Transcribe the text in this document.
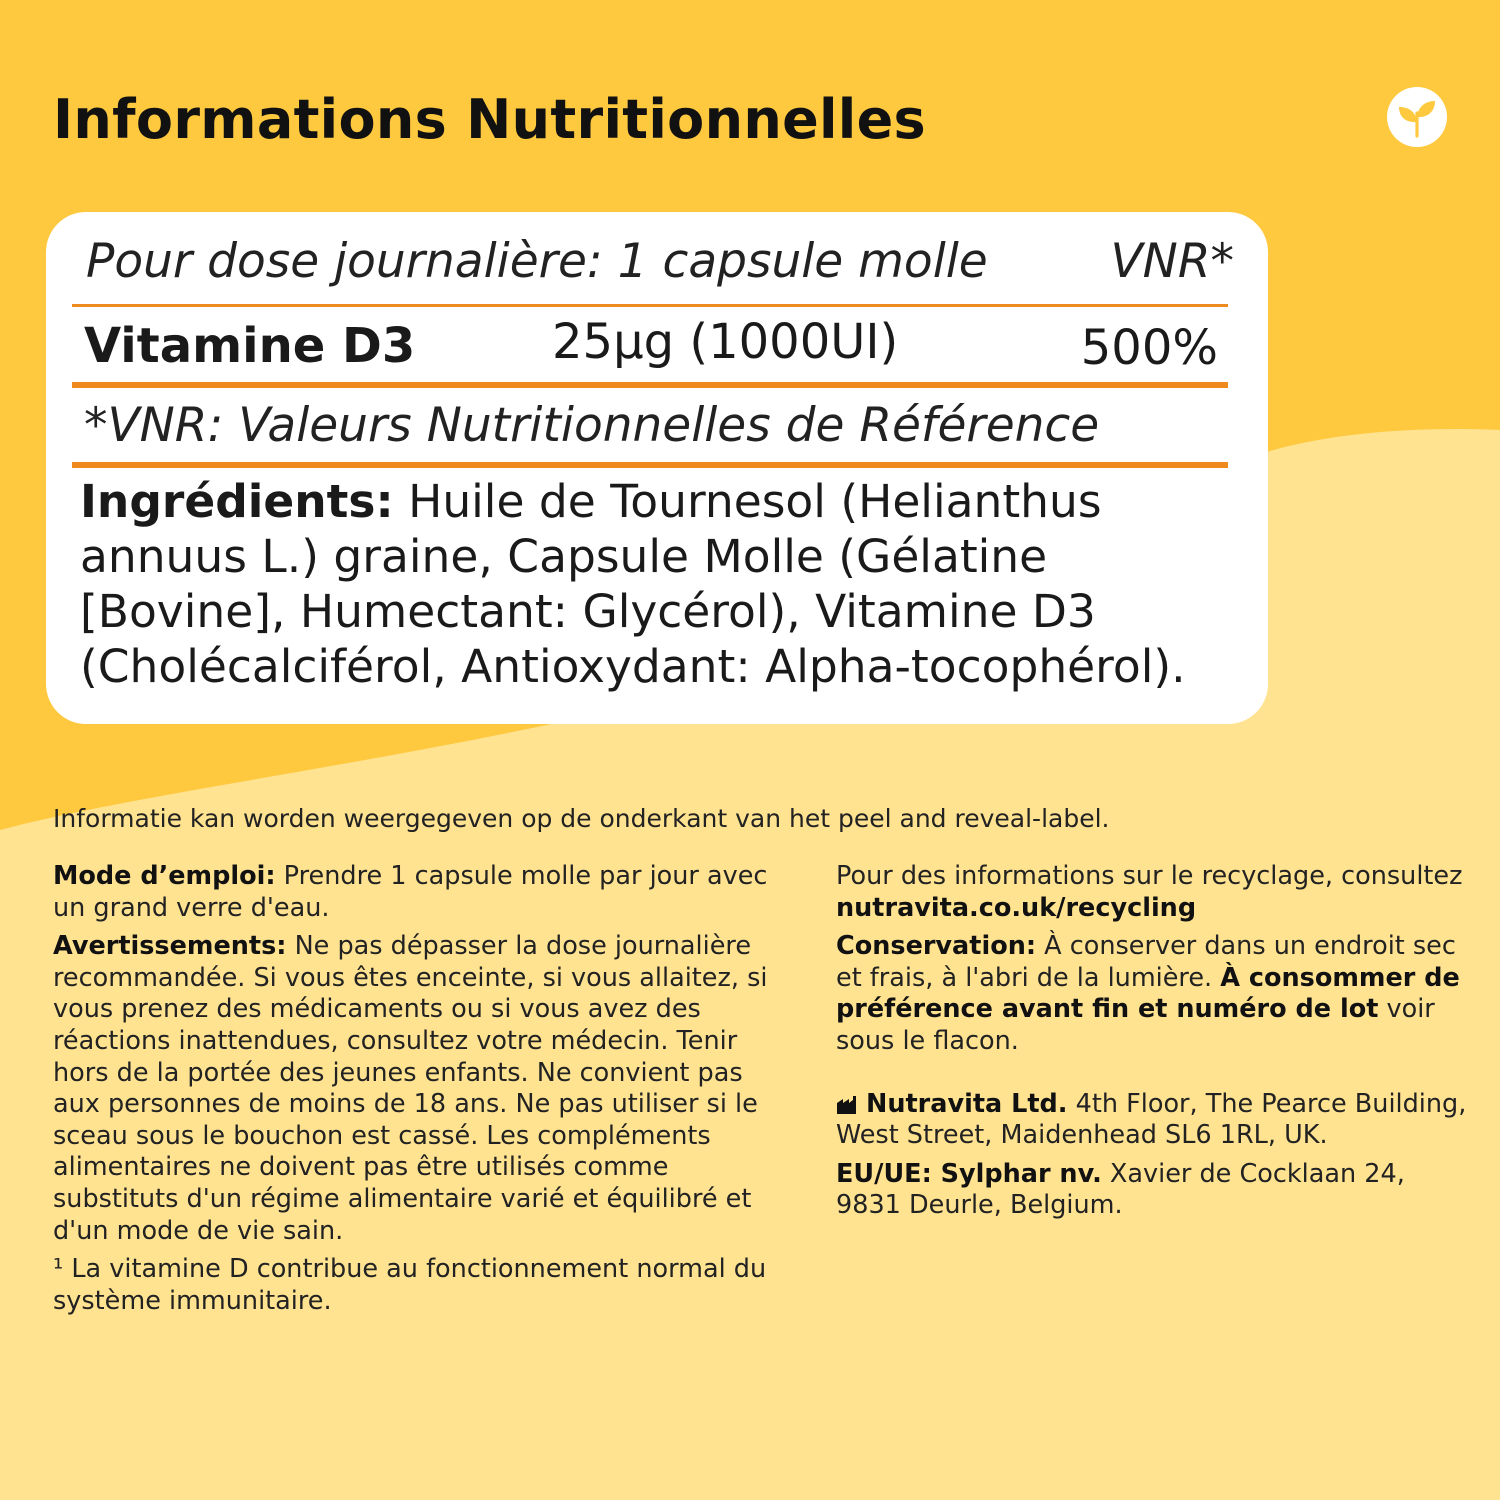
Informations Nutritionnelles
Pour dose journalière: 1 capsule molle	VNR*
Vitamine D3	25µg (1000UI)	500%
*VNR: Valeurs Nutritionnelles de Référence
Ingrédients: Huile de Tournesol (Helianthus annuus L.) graine, Capsule Molle (Gélatine [Bovine], Humectant: Glycérol), Vitamine D3 (Cholécalciférol, Antioxydant: Alpha-tocophérol).
Informatie kan worden weergegeven op de onderkant van het peel and reveal-label.

Mode d’emploi: Prendre 1 capsule molle par jour avec un grand verre d'eau.

Avertissements: Ne pas dépasser la dose journalière recommandée. Si vous êtes enceinte, si vous allaitez, si vous prenez des médicaments ou si vous avez des réactions inattendues, consultez votre médecin. Tenir hors de la portée des jeunes enfants. Ne convient pas aux personnes de moins de 18 ans. Ne pas utiliser si le sceau sous le bouchon est cassé. Les compléments alimentaires ne doivent pas être utilisés comme substituts d'un régime alimentaire varié et équilibré et d'un mode de vie sain.

¹ La vitamine D contribue au fonctionnement normal du système immunitaire.

Pour des informations sur le recyclage, consultez
nutravita.co.uk/recycling

Conservation: À conserver dans un endroit sec et frais, à l'abri de la lumière. À consommer de préférence avant fin et numéro de lot voir sous le flacon.

Nutravita Ltd. 4th Floor, The Pearce Building, West Street, Maidenhead SL6 1RL, UK.

EU/UE: Sylphar nv. Xavier de Cocklaan 24, 9831 Deurle, Belgium.
